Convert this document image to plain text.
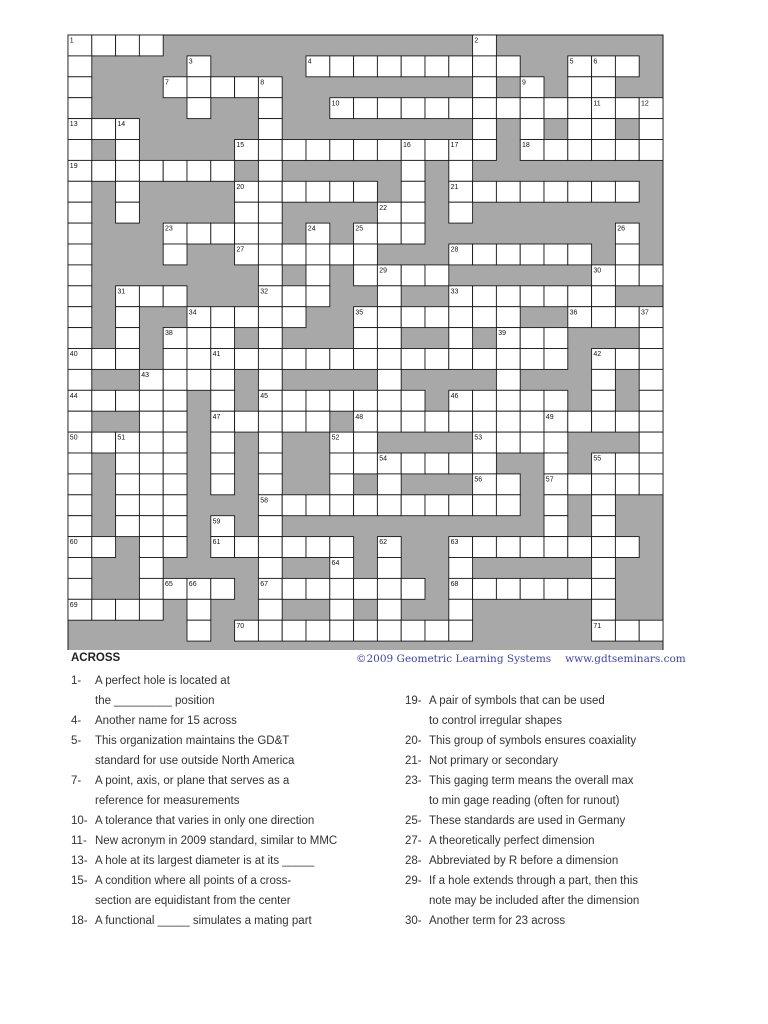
1	2
3	4	5	6
7	8	9
10	11	12
13	14
15	16	17	18
19
20	21
22
23	24	25	26
27	28
29	30
31	32	33
34	35	36	37
38	39
40	41	42
43
44	45	46
47	48	49
50	51	52	53
54	55
56	57
58
59
60	61	62	63
64
65 66	67	68
69
70	71
ACROSS	©2009 Geometric Learning Systems www.gdtseminars.com
1- A perfect hole is located at
the _________ position
4- Another name for 15 across
5- This organization maintains the GD&T
standard for use outside North America
7- A point, axis, or plane that serves as a
reference for measurements
10- A tolerance that varies in only one direction
11- New acronym in 2009 standard, similar to MMC
13- A hole at its largest diameter is at its _____
15- A condition where all points of a cross-
section are equidistant from the center
18- A functional _____ simulates a mating part
19- A pair of symbols that can be used
to control irregular shapes
20- This group of symbols ensures coaxiality
21- Not primary or secondary
23- This gaging term means the overall max
to min gage reading (often for runout)
25- These standards are used in Germany
27- A theoretically perfect dimension
28- Abbreviated by R before a dimension
29- If a hole extends through a part, then this
note may be included after the dimension
30- Another term for 23 across
